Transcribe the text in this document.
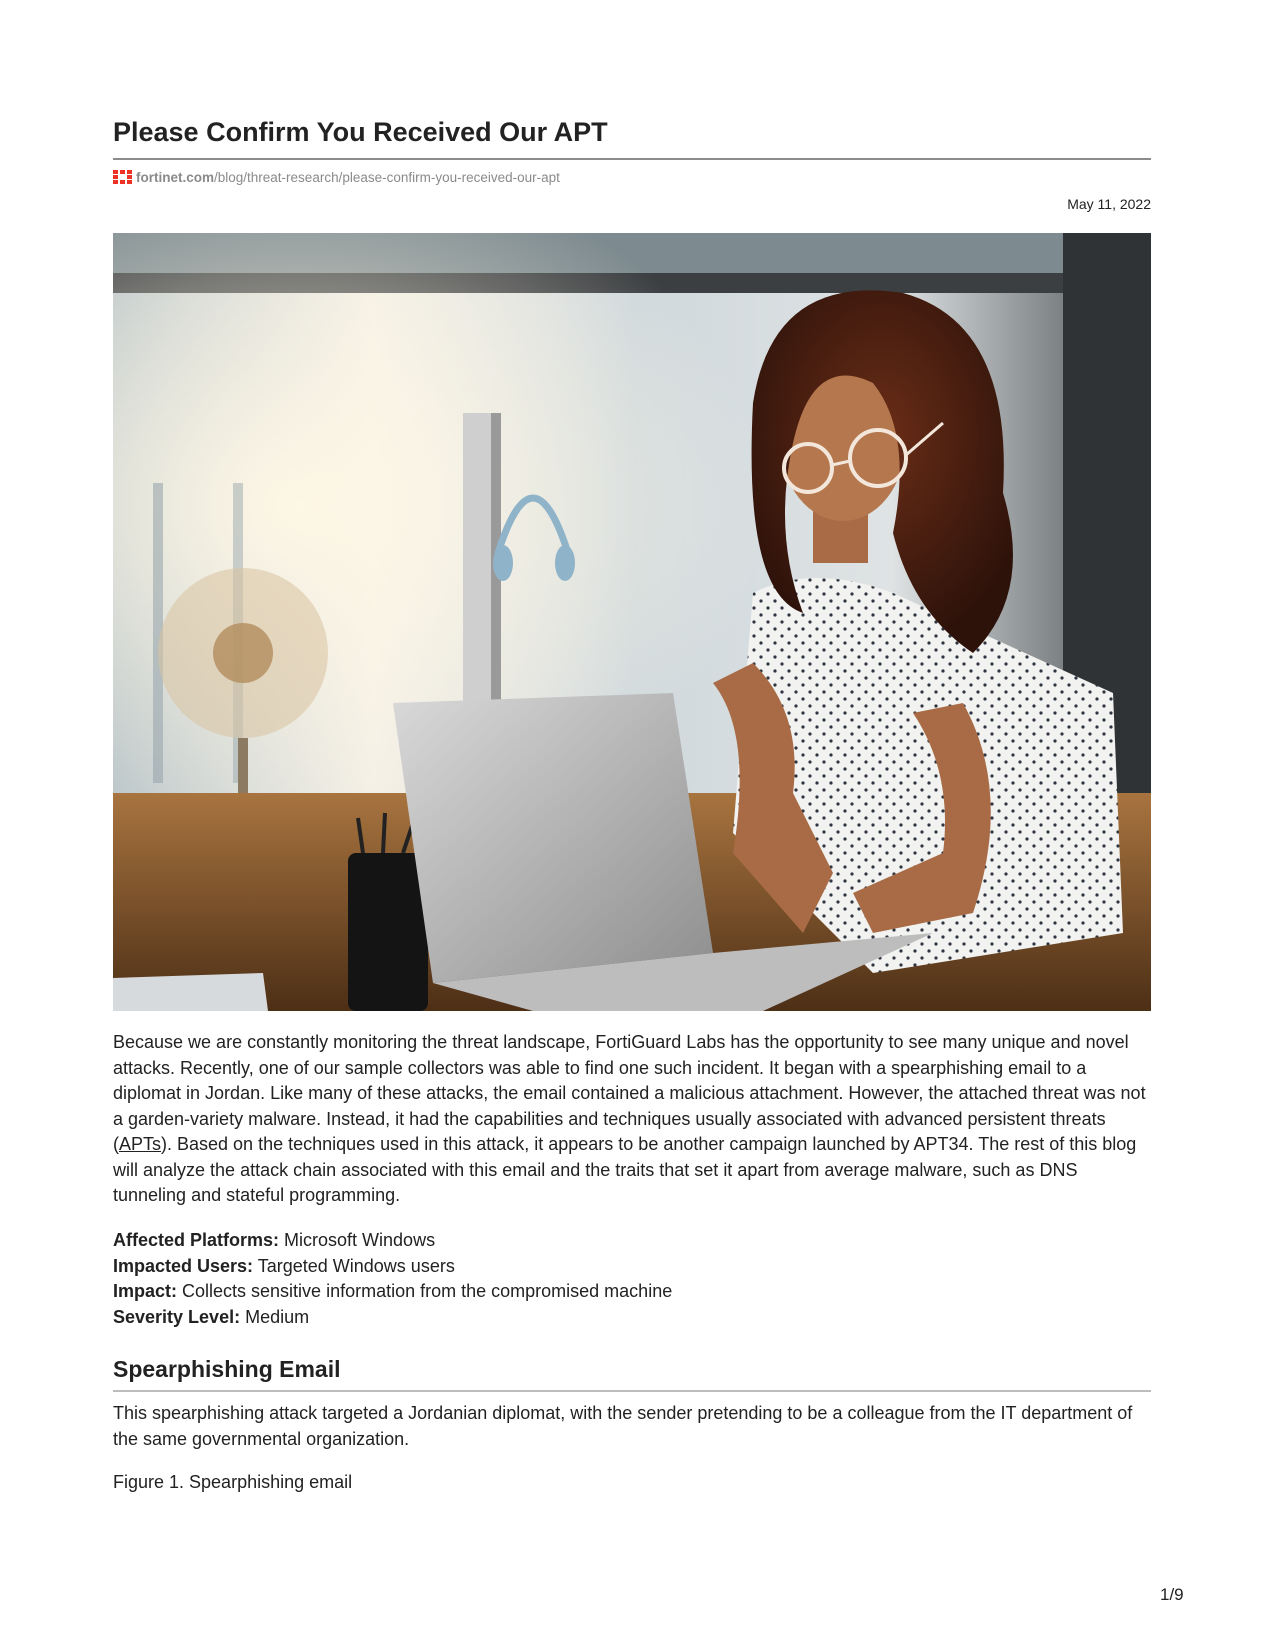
Please Confirm You Received Our APT
fortinet.com /blog/threat-research/please-confirm-you-received-our-apt
May 11, 2022

Because we are constantly monitoring the threat landscape, FortiGuard Labs has the opportunity to see many unique and novel attacks. Recently, one of our sample collectors was able to find one such incident. It began with a spearphishing email to a diplomat in Jordan. Like many of these attacks, the email contained a malicious attachment. However, the attached threat was not a garden-variety malware. Instead, it had the capabilities and techniques usually associated with advanced persistent threats (APTs). Based on the techniques used in this attack, it appears to be another campaign launched by APT34. The rest of this blog will analyze the attack chain associated with this email and the traits that set it apart from average malware, such as DNS tunneling and stateful programming.

Affected Platforms: Microsoft Windows
Impacted Users: Targeted Windows users
Impact: Collects sensitive information from the compromised machine
Severity Level: Medium
Spearphishing Email

This spearphishing attack targeted a Jordanian diplomat, with the sender pretending to be a colleague from the IT department of the same governmental organization.

Figure 1. Spearphishing email
1/9
